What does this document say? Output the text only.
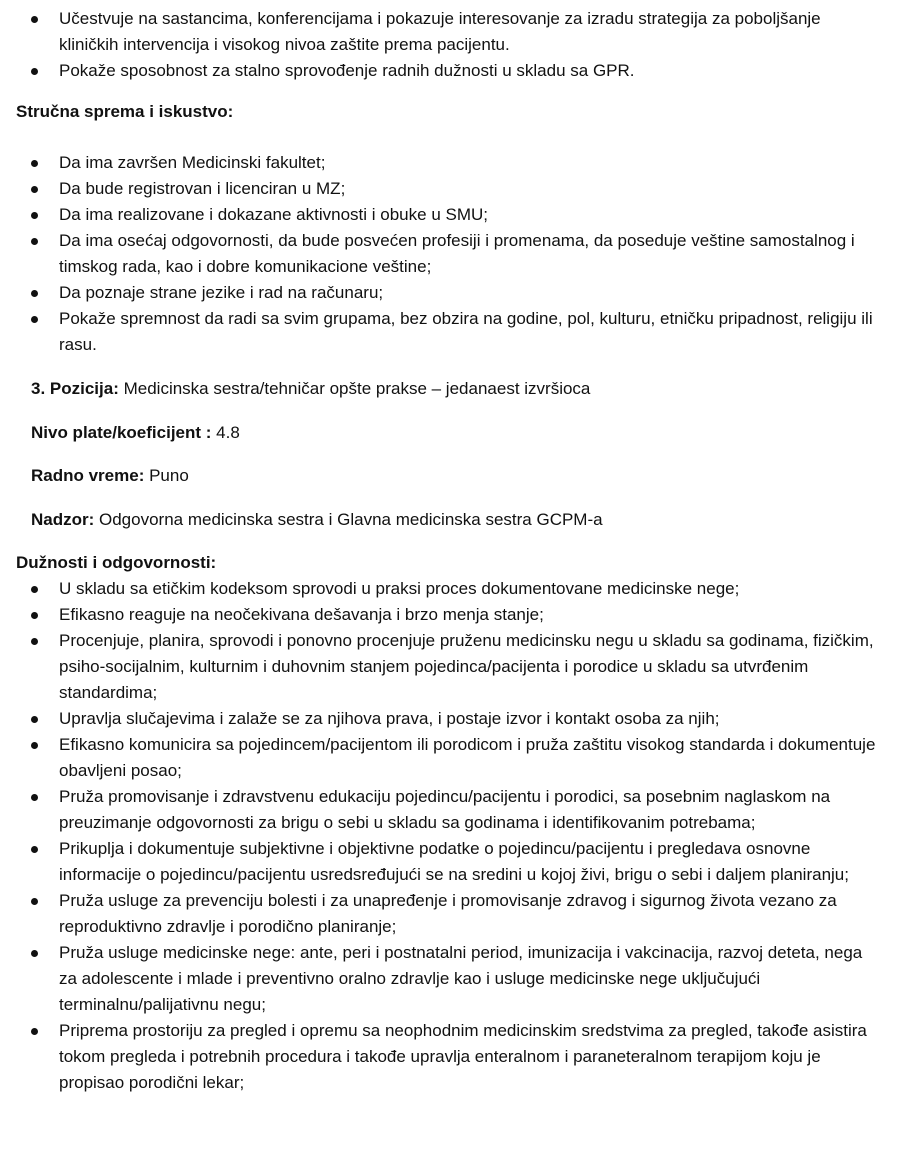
Učestvuje na sastancima, konferencijama i pokazuje interesovanje za izradu strategija za poboljšanje kliničkih intervencija i visokog nivoa zaštite prema pacijentu.
Pokaže sposobnost za stalno sprovođenje radnih dužnosti u skladu sa GPR.
Stručna sprema i iskustvo:
Da ima završen Medicinski fakultet;
Da bude registrovan i licenciran u MZ;
Da ima realizovane i dokazane aktivnosti i obuke u SMU;
Da ima osećaj odgovornosti, da bude posvećen profesiji i promenama, da poseduje veštine samostalnog i timskog rada, kao i dobre komunikacione veštine;
Da poznaje strane jezike i rad na računaru;
Pokaže spremnost da radi sa svim grupama, bez obzira na godine, pol, kulturu, etničku pripadnost, religiju ili rasu.
3. Pozicija: Medicinska sestra/tehničar opšte prakse – jedanaest izvršioca
Nivo plate/koeficijent : 4.8
Radno vreme: Puno
Nadzor: Odgovorna medicinska sestra i Glavna medicinska sestra GCPM-a
Dužnosti i odgovornosti:
U skladu sa etičkim kodeksom sprovodi u praksi proces dokumentovane medicinske nege;
Efikasno reaguje na neočekivana dešavanja i brzo menja stanje;
Procenjuje, planira, sprovodi i ponovno procenjuje pruženu medicinsku negu u skladu sa godinama, fizičkim, psiho-socijalnim, kulturnim i duhovnim stanjem pojedinca/pacijenta i porodice u skladu sa utvrđenim standardima;
Upravlja slučajevima i zalaže se za njihova prava, i postaje izvor i kontakt osoba za njih;
Efikasno komunicira sa pojedincem/pacijentom ili porodicom i pruža zaštitu visokog standarda i dokumentuje obavljeni posao;
Pruža promovisanje i zdravstvenu edukaciju pojedincu/pacijentu i porodici, sa posebnim naglaskom na preuzimanje odgovornosti za brigu o sebi u skladu sa godinama i identifikovanim potrebama;
Prikuplja i dokumentuje subjektivne i objektivne podatke o pojedincu/pacijentu i pregledava osnovne informacije o pojedincu/pacijentu usredsređujući se na sredini u kojoj živi, brigu o sebi i daljem planiranju;
Pruža usluge za prevenciju bolesti i za unapređenje i promovisanje zdravog i sigurnog života vezano za reproduktivno zdravlje i porodično planiranje;
Pruža usluge medicinske nege: ante, peri i postnatalni period, imunizacija i vakcinacija, razvoj deteta, nega za adolescente i mlade i preventivno oralno zdravlje kao i usluge medicinske nege uključujući terminalnu/palijativnu negu;
Priprema prostoriju za pregled i opremu sa neophodnim medicinskim sredstvima za pregled, takođe asistira tokom pregleda i potrebnih procedura i takođe upravlja enteralnom i paraneteralnom terapijom koju je propisao porodični lekar;
